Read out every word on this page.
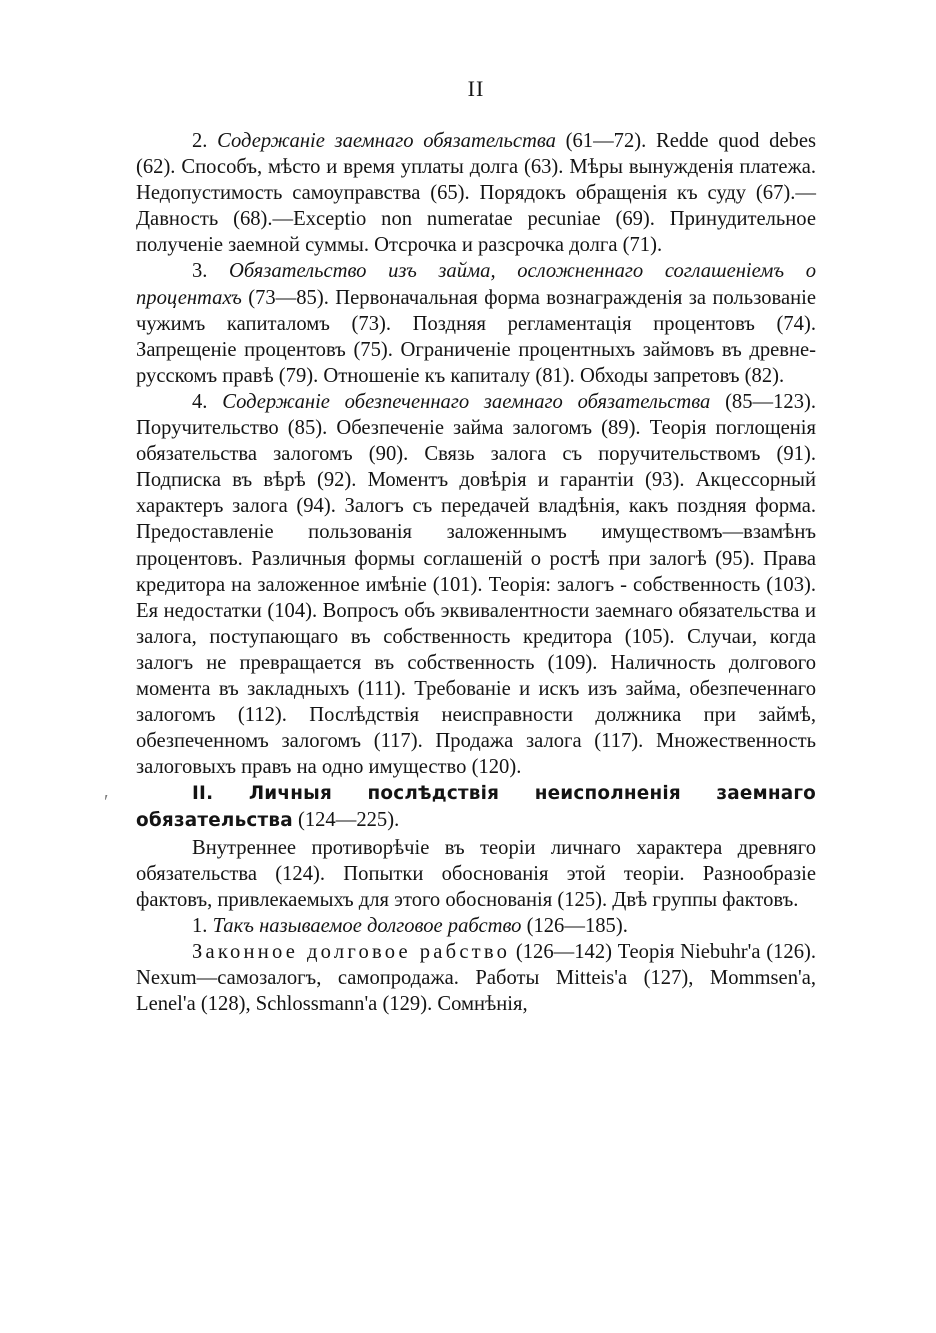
II

2. Содержаніе заемнаго обязательства (61—72). Redde quod debes (62). Способъ, мѣсто и время уплаты долга (63). Мѣры вынужденія платежа. Недопустимость самоуправства (65). Порядокъ обращенія къ суду (67).—Давность (68).—Exceptio non numeratae pecuniae (69). Принудительное полученіе заемной суммы. Отсрочка и разсрочка долга (71).

3. Обязательство изъ займа, осложненнаго соглашеніемъ о процентахъ (73—85). Первоначальная форма вознагражденія за пользованіе чужимъ капиталомъ (73). Поздняя регламентація процентовъ (74). Запрещеніе процентовъ (75). Ограниченіе процентныхъ займовъ въ древне-русскомъ правѣ (79). Отношеніе къ капиталу (81). Обходы запретовъ (82).

4. Содержаніе обезпеченнаго заемнаго обязательства (85—123). Поручительство (85). Обезпеченіе займа залогомъ (89). Теорія поглощенія обязательства залогомъ (90). Связь залога съ поручительствомъ (91). Подписка въ вѣрѣ (92). Моментъ довѣрія и гарантіи (93). Акцессорный характеръ залога (94). Залогъ съ передачей владѣнія, какъ поздняя форма. Предоставленіе пользованія заложеннымъ имуществомъ—взамѣнъ процентовъ. Различныя формы соглашеній о ростѣ при залогѣ (95). Права кредитора на заложенное имѣніе (101). Теорія: залогъ - собственность (103). Ея недостатки (104). Вопросъ объ эквивалентности заемнаго обязательства и залога, поступающаго въ собственность кредитора (105). Случаи, когда залогъ не превращается въ собственность (109). Наличность долгового момента въ закладныхъ (111). Требованіе и искъ изъ займа, обезпеченнаго залогомъ (112). Послѣдствія неисправности должника при займѣ, обезпеченномъ залогомъ (117). Продажа залога (117). Множественность залоговыхъ правъ на одно имущество (120).

II. Личныя послѣдствія неисполненія заемнаго обязательства (124—225).

Внутреннее противорѣчіе въ теоріи личнаго характера древняго обязательства (124). Попытки обоснованія этой теоріи. Разнообразіе фактовъ, привлекаемыхъ для этого обоснованія (125). Двѣ группы фактовъ.

1. Такъ называемое долговое рабство (126—185).

Законное долговое рабство (126—142) Теорія Niebuhr'a (126). Nexum—самозалогъ, самопродажа. Работы Mitteis'a (127), Mommsen'a, Lenel'a (128), Schlossmann'a (129). Сомнѣнія,

′
